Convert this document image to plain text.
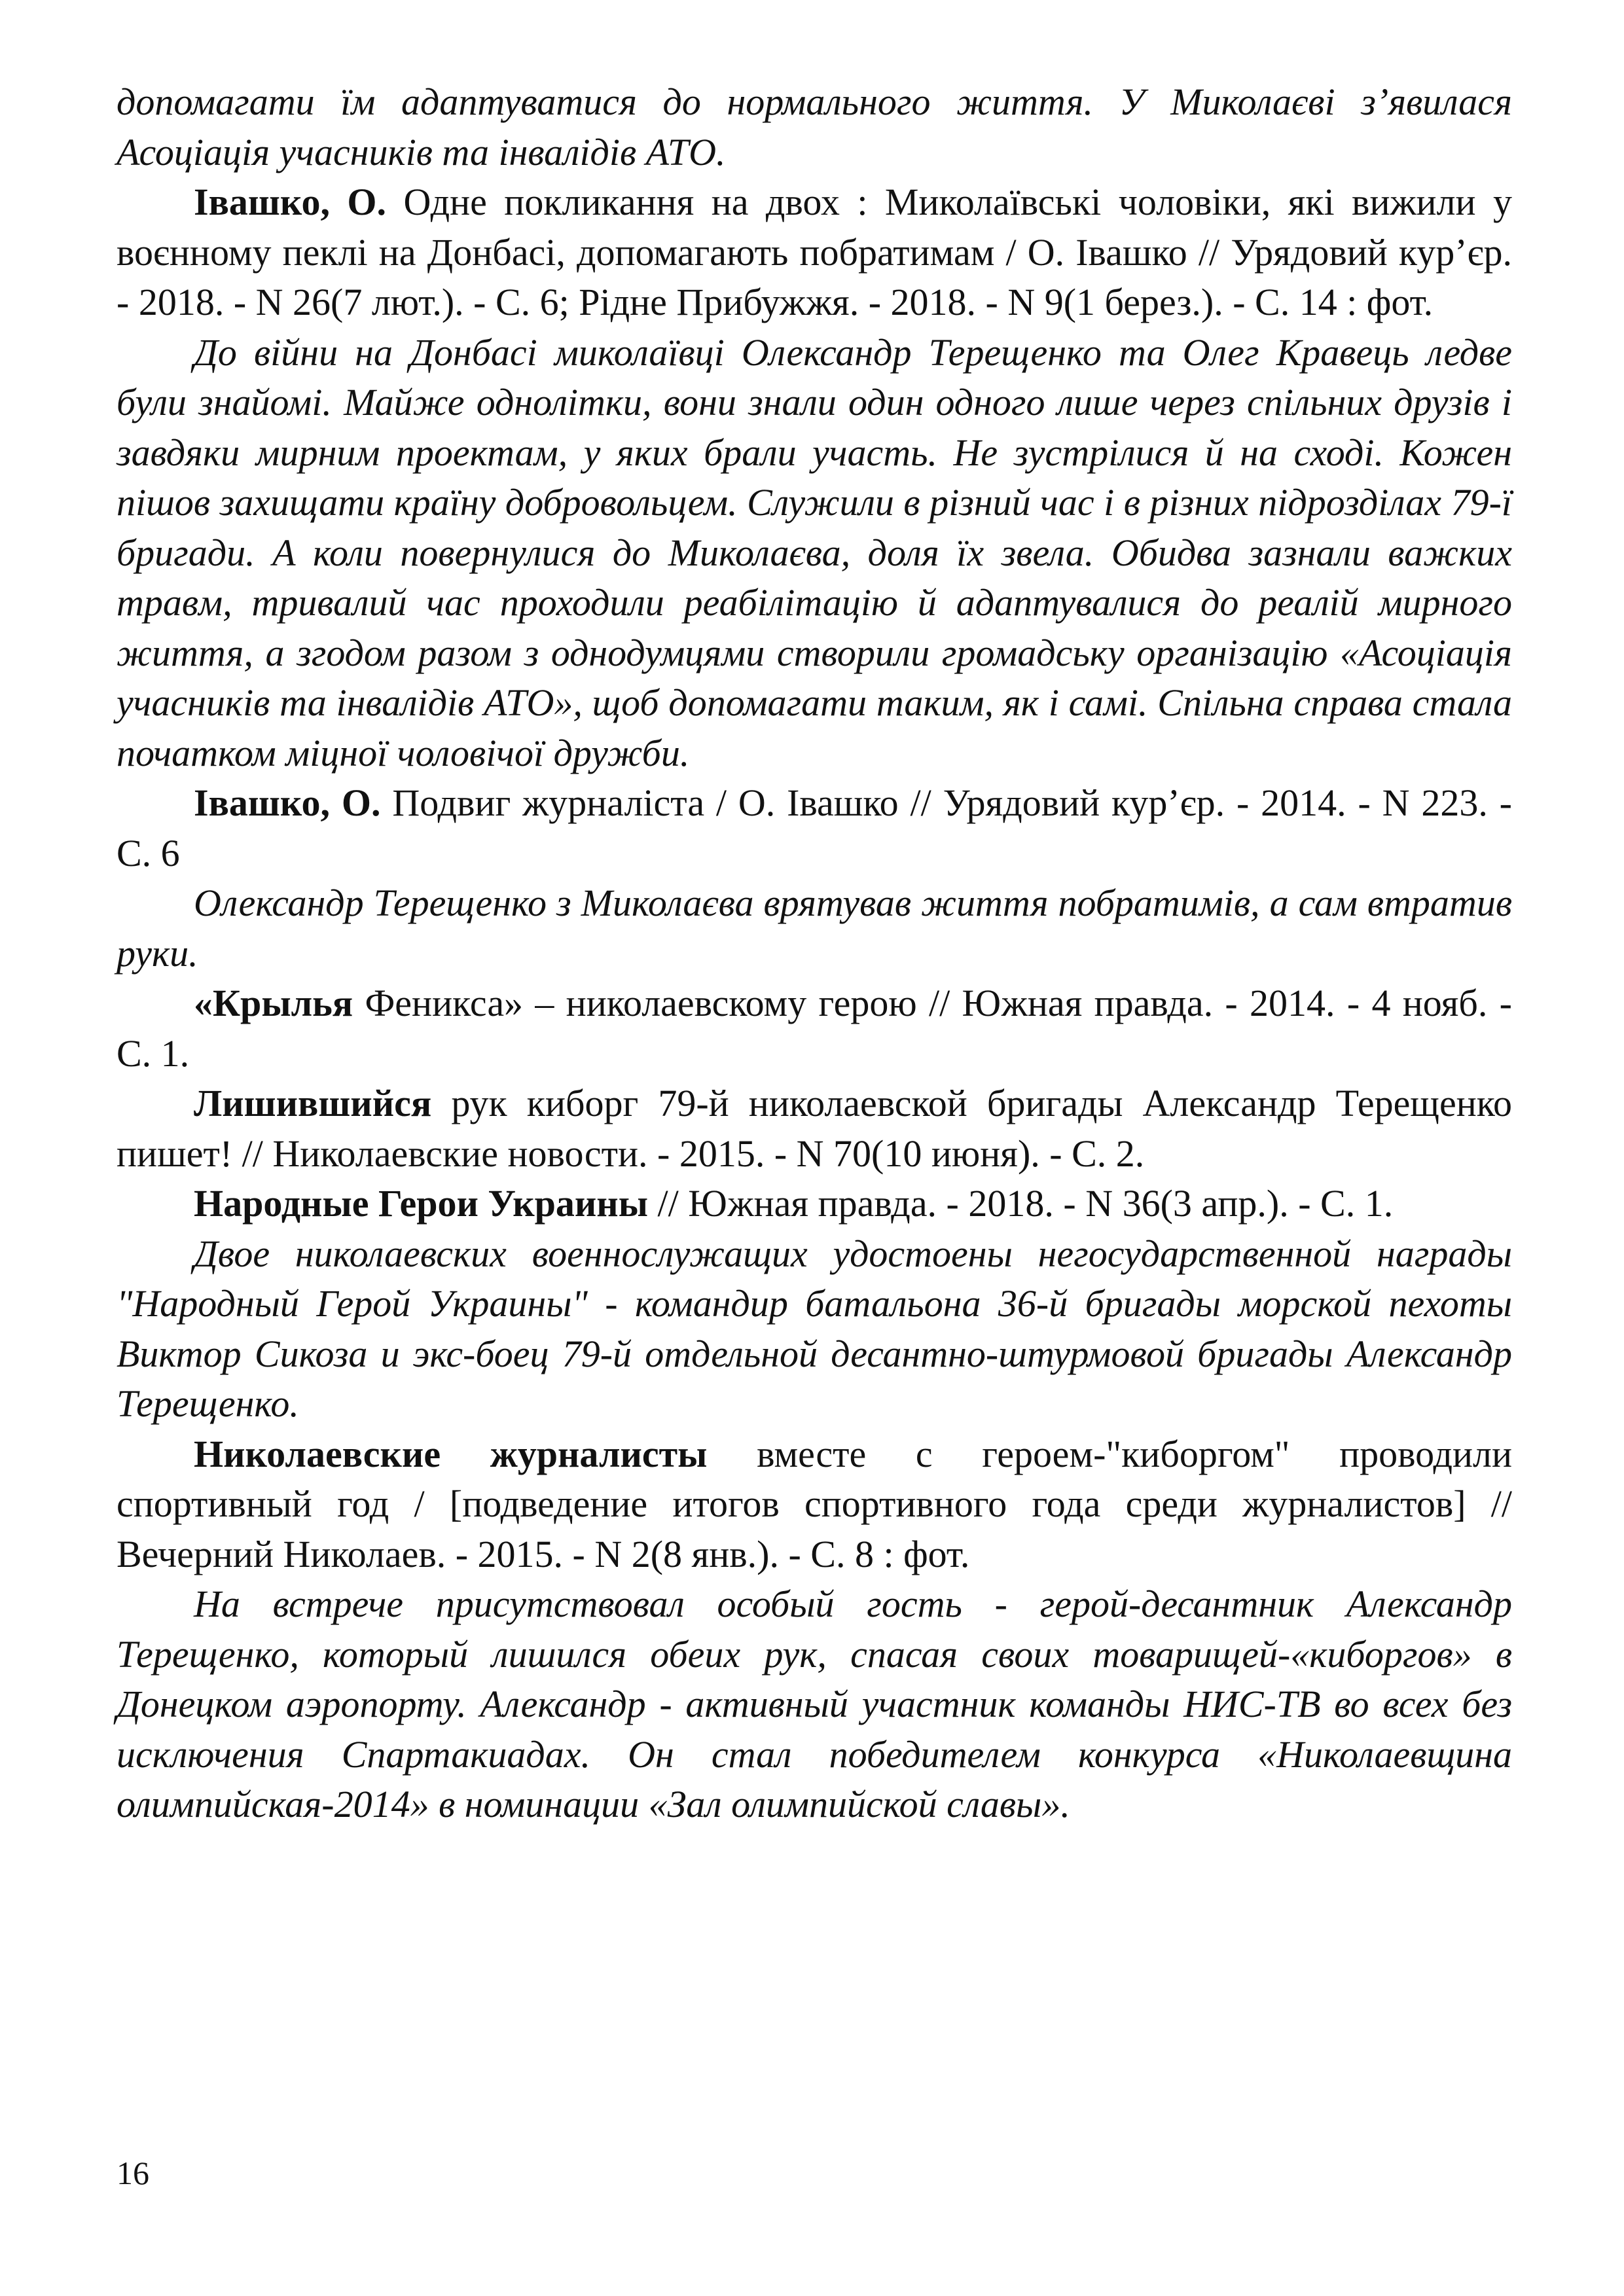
допомагати їм адаптуватися до нормального життя. У Миколаєві з’явилася Асоціація учасників та інвалідів АТО.

Івашко, О. Одне покликання на двох : Миколаївські чоловіки, які вижили у воєнному пеклі на Донбасі, допомагають побратимам / О. Івашко // Урядовий кур’єр. - 2018. - N 26(7 лют.). - С. 6; Рідне Прибужжя. - 2018. - N 9(1 берез.). - С. 14 : фот.

До війни на Донбасі миколаївці Олександр Терещенко та Олег Кравець ледве були знайомі. Майже однолітки, вони знали один одного лише через спільних друзів і завдяки мирним проектам, у яких брали участь. Не зустрілися й на сході. Кожен пішов захищати країну добровольцем. Служили в різний час і в різних підрозділах 79-ї бригади. А коли повернулися до Миколаєва, доля їх звела. Обидва зазнали важких травм, тривалий час проходили реабілітацію й адаптувалися до реалій мирного життя, а згодом разом з однодумцями створили громадську організацію «Асоціація учасників та інвалідів АТО», щоб допомагати таким, як і самі. Спільна справа стала початком міцної чоловічої дружби.

Івашко, О. Подвиг журналіста / О. Івашко // Урядовий кур’єр. - 2014. - N 223. - С. 6

Олександр Терещенко з Миколаєва врятував життя побратимів, а сам втратив руки.

«Крылья Феникса» – николаевскому герою // Южная правда. - 2014. - 4 нояб. - С. 1.

Лишившийся рук киборг 79-й николаевской бригады Александр Терещенко пишет! // Николаевские новости. - 2015. - N 70(10 июня). - С. 2.

Народные Герои Украины // Южная правда. - 2018. - N 36(3 апр.). - С. 1.

Двое николаевских военнослужащих удостоены негосударственной награды "Народный Герой Украины" - командир батальона 36-й бригады морской пехоты Виктор Сикоза и экс-боец 79-й отдельной десантно-штурмовой бригады Александр Терещенко.

Николаевские журналисты вместе с героем-"киборгом" проводили спортивный год / [подведение итогов спортивного года среди журналистов] // Вечерний Николаев. - 2015. - N 2(8 янв.). - С. 8 : фот.

На встрече присутствовал особый гость - герой-десантник Александр Терещенко, который лишился обеих рук, спасая своих товарищей-«киборгов» в Донецком аэропорту. Александр - активный участник команды НИС-ТВ во всех без исключения Спартакиадах. Он стал победителем конкурса «Николаевщина олимпийская-2014» в номинации «Зал олимпийской славы».

16
